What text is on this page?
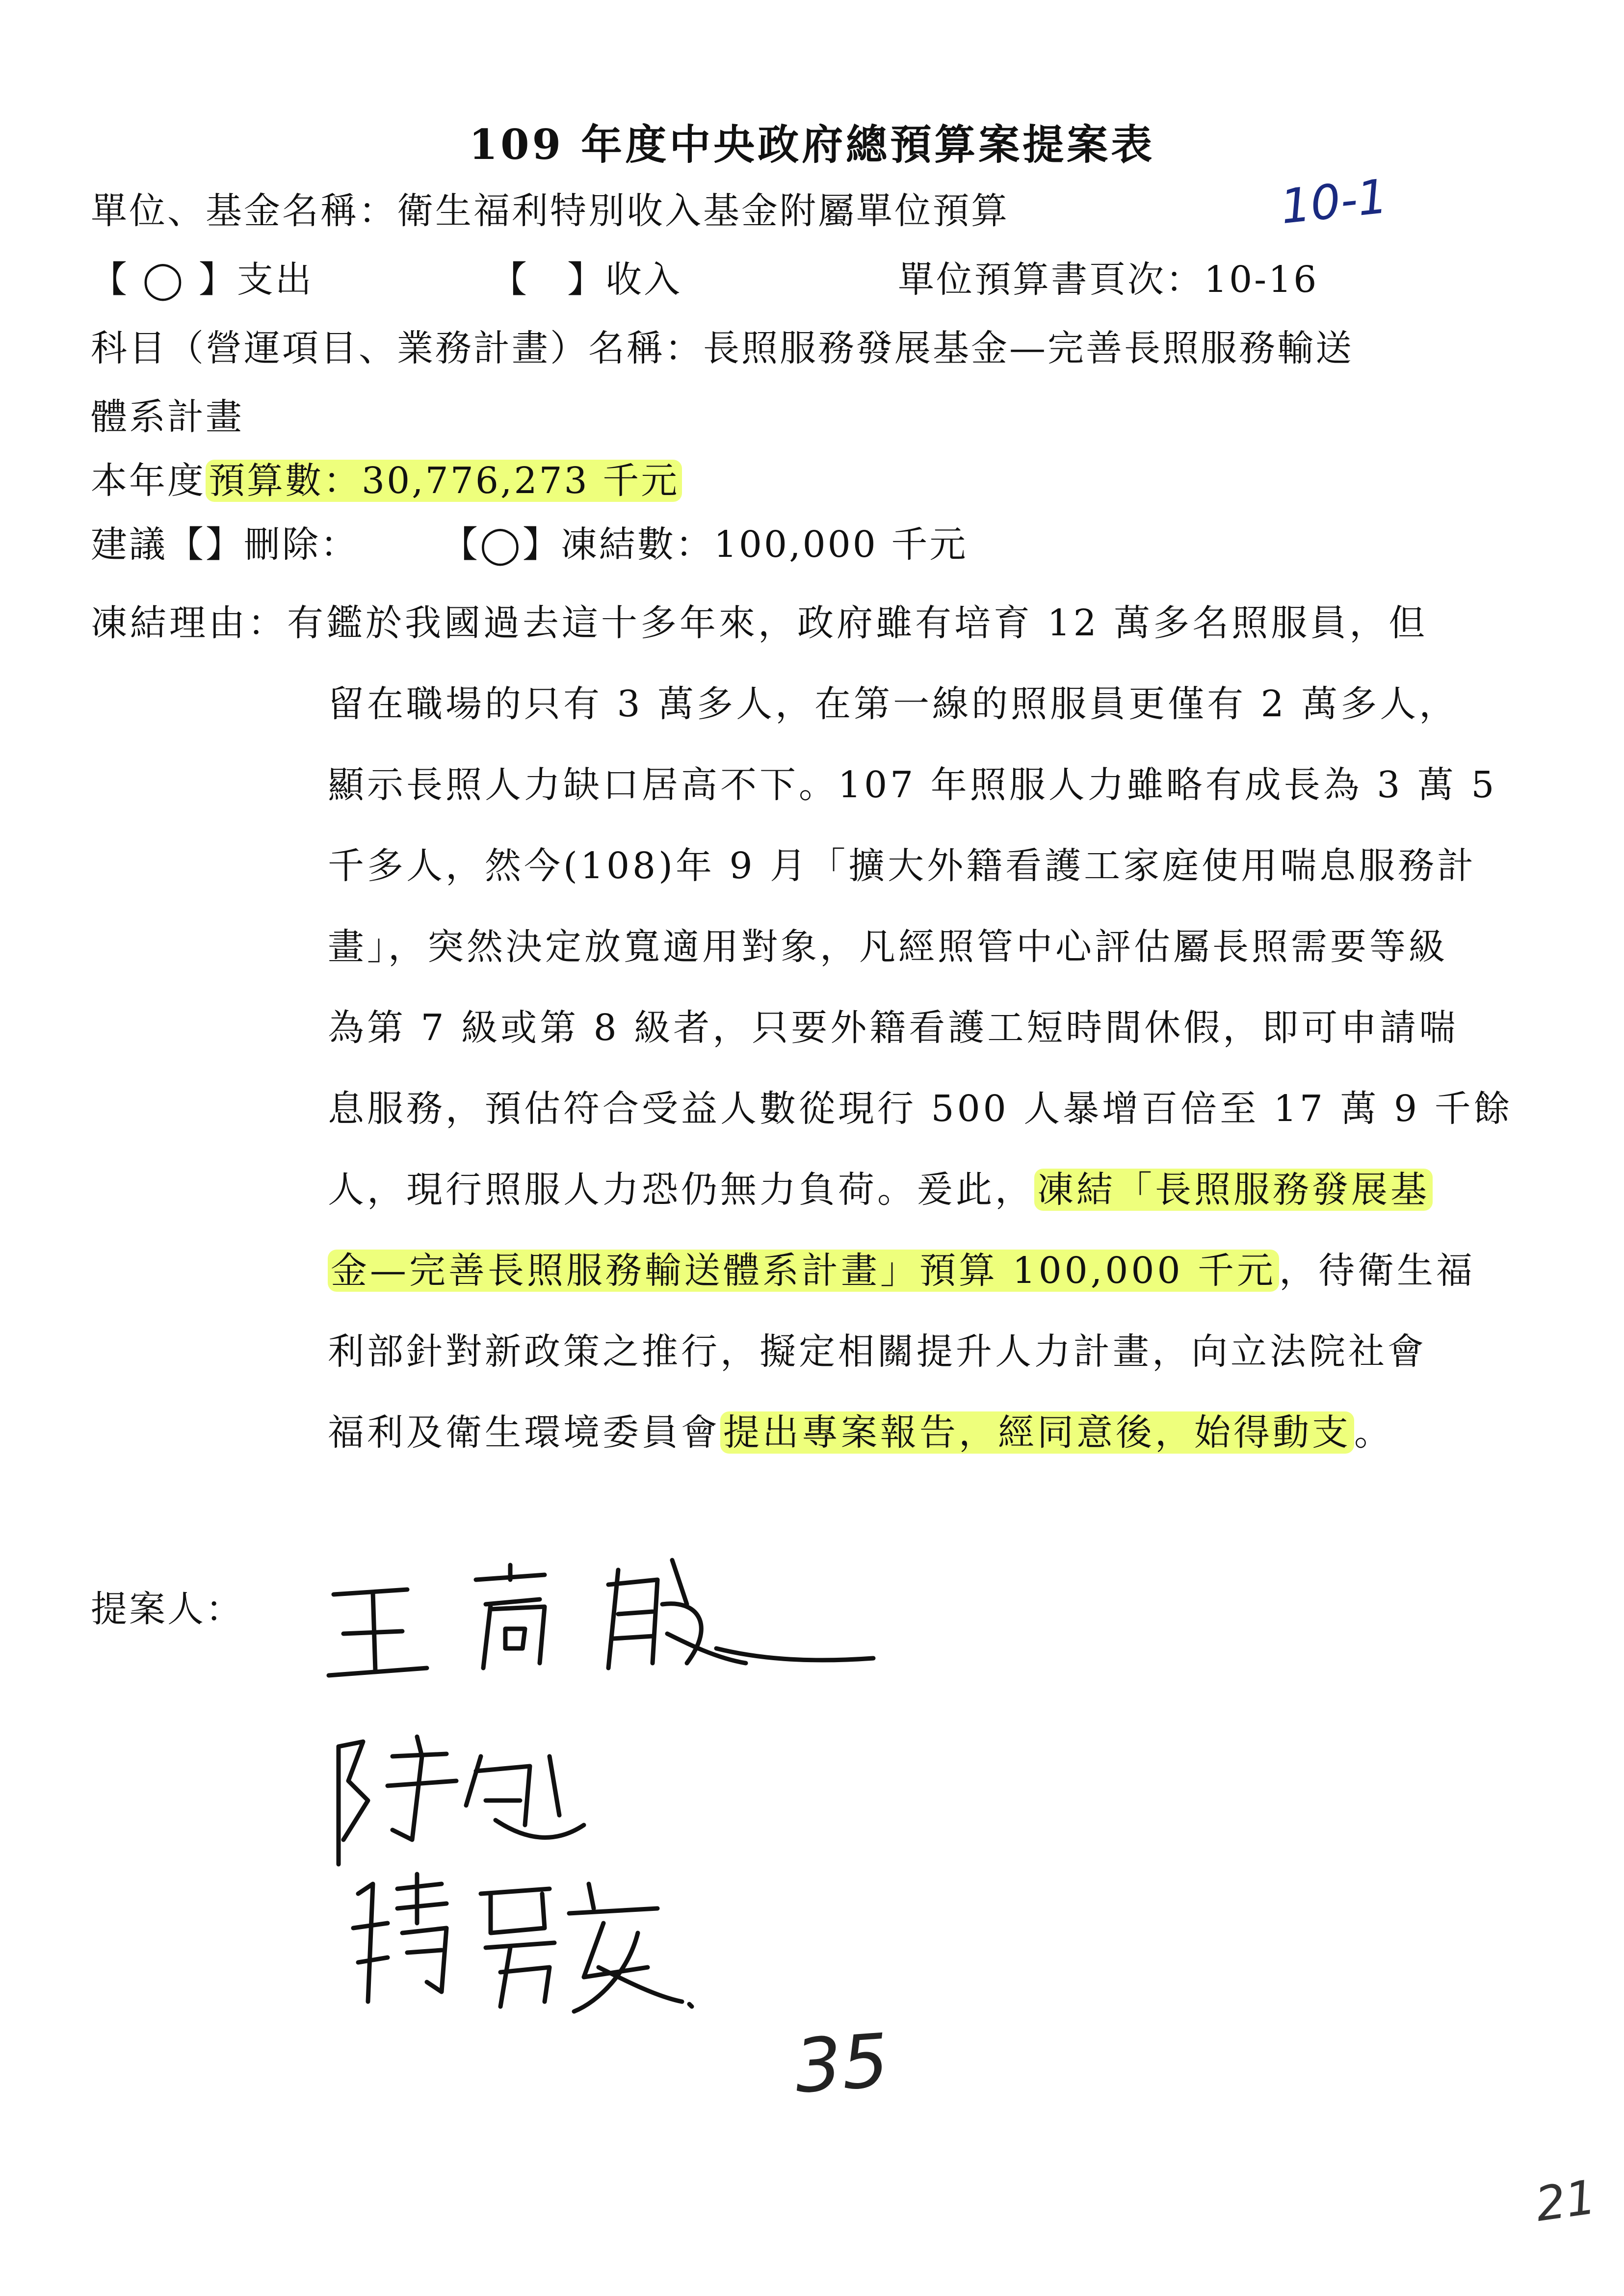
109 年度中央政府總預算案提案表
10-1
單位、基金名稱：衛生福利特別收入基金附屬單位預算
【 ◯ 】支出	【　】收入	單位預算書頁次：10-16
科目（營運項目、業務計畫）名稱：長照服務發展基金—完善長照服務輸送
體系計畫
本年度預算數：30,776,273 千元
建議【】刪除： 【◯】凍結數：100,000 千元
凍結理由：有鑑於我國過去這十多年來，政府雖有培育 12 萬多名照服員，但
留在職場的只有 3 萬多人，在第一線的照服員更僅有 2 萬多人，
顯示長照人力缺口居高不下。107 年照服人力雖略有成長為 3 萬 5
千多人，然今(108)年 9 月「擴大外籍看護工家庭使用喘息服務計
畫」，突然決定放寬適用對象，凡經照管中心評估屬長照需要等級
為第 7 級或第 8 級者，只要外籍看護工短時間休假，即可申請喘
息服務，預估符合受益人數從現行 500 人暴增百倍至 17 萬 9 千餘
人，現行照服人力恐仍無力負荷。爰此，凍結「長照服務發展基
金—完善長照服務輸送體系計畫」預算 100,000 千元，待衛生福
利部針對新政策之推行，擬定相關提升人力計畫，向立法院社會
福利及衛生環境委員會提出專案報告，經同意後，始得動支。
提案人：
35
21
